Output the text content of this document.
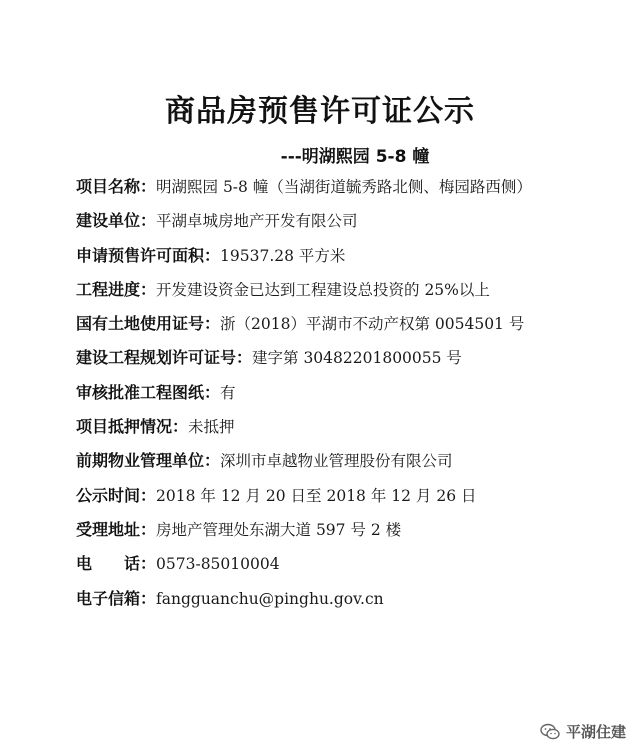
商品房预售许可证公示
---明湖熙园 5-8 幢
项目名称：明湖熙园 5-8 幢（当湖街道毓秀路北侧、梅园路西侧）
建设单位：平湖卓城房地产开发有限公司
申请预售许可面积：19537.28 平方米
工程进度：开发建设资金已达到工程建设总投资的 25%以上
国有土地使用证号：浙（2018）平湖市不动产权第 0054501 号
建设工程规划许可证号：建字第 30482201800055 号
审核批准工程图纸：有
项目抵押情况：未抵押
前期物业管理单位：深圳市卓越物业管理股份有限公司
公示时间：2018 年 12 月 20 日至 2018 年 12 月 26 日
受理地址：房地产管理处东湖大道 597 号 2 楼
电　　话：0573-85010004
电子信箱：fangguanchu@pinghu.gov.cn
平湖住建
